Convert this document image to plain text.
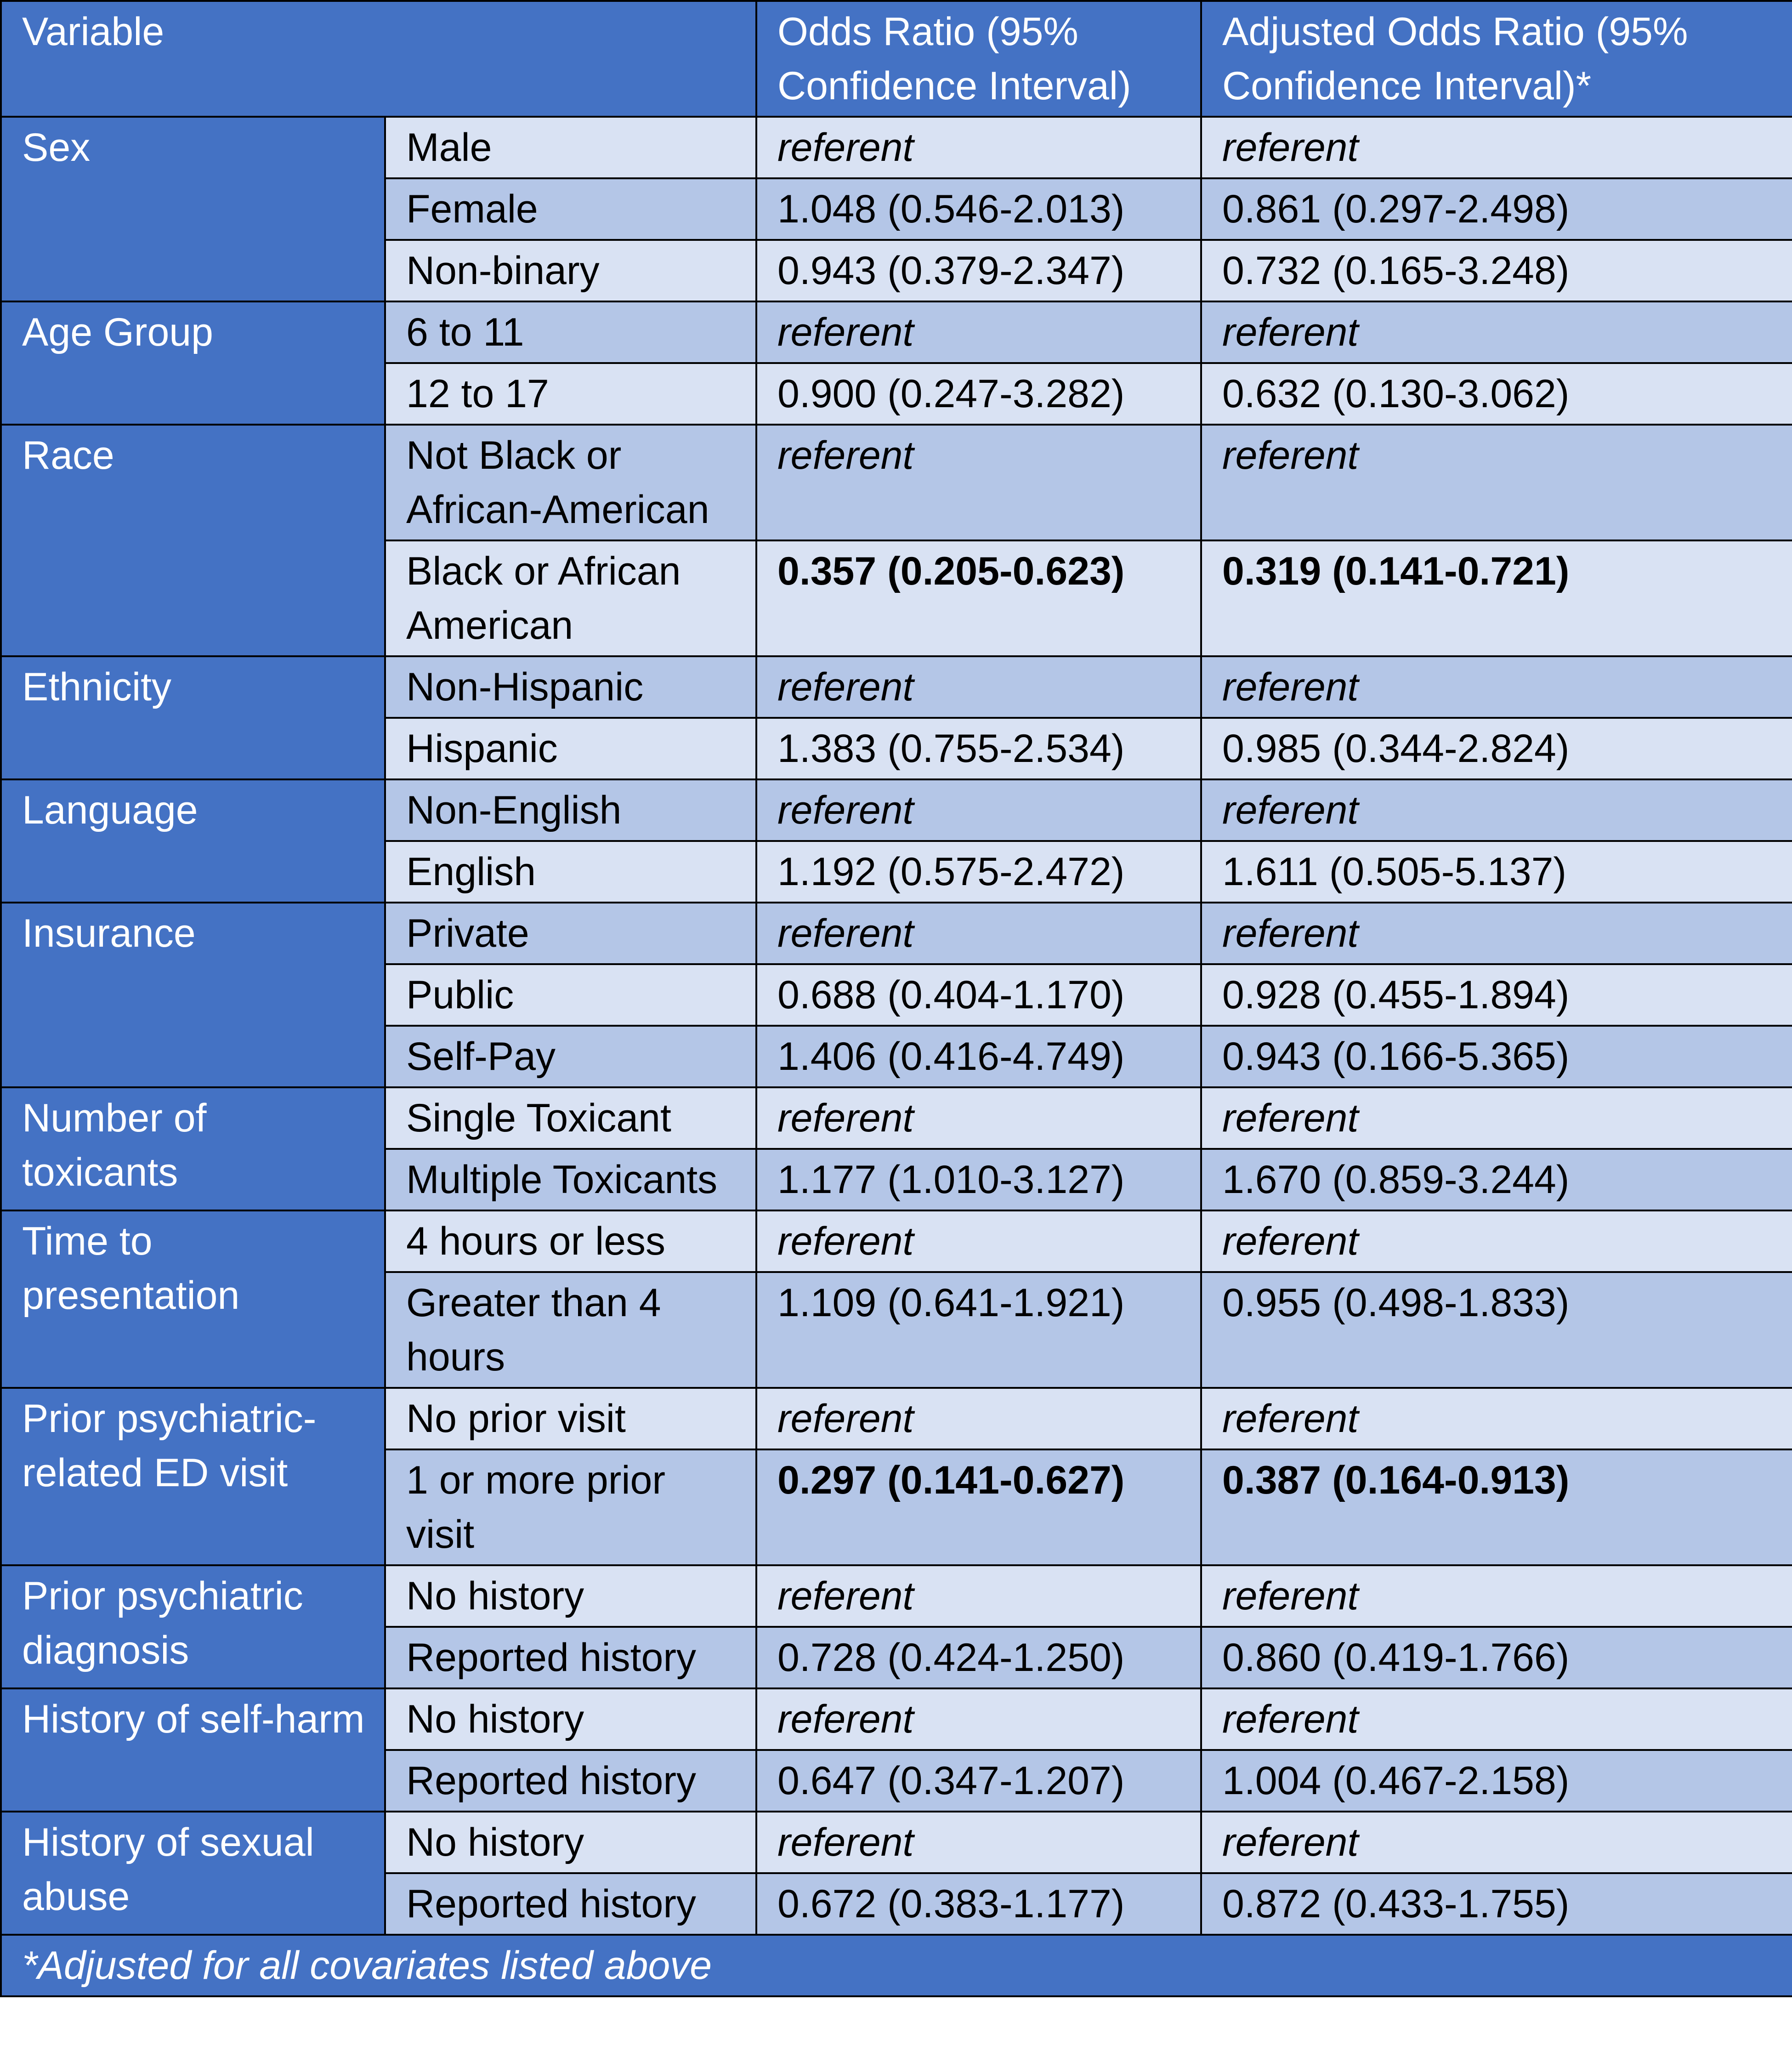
Variable		Odds Ratio (95% Confidence Interval)	Adjusted Odds Ratio (95% Confidence Interval)*
Sex	Male	referent	referent
	Female	1.048 (0.546-2.013)	0.861 (0.297-2.498)
	Non-binary	0.943 (0.379-2.347)	0.732 (0.165-3.248)
Age Group	6 to 11	referent	referent
	12 to 17	0.900 (0.247-3.282)	0.632 (0.130-3.062)
Race	Not Black or African-American	referent	referent
	Black or African American	0.357 (0.205-0.623)	0.319 (0.141-0.721)
Ethnicity	Non-Hispanic	referent	referent
	Hispanic	1.383 (0.755-2.534)	0.985 (0.344-2.824)
Language	Non-English	referent	referent
	English	1.192 (0.575-2.472)	1.611 (0.505-5.137)
Insurance	Private	referent	referent
	Public	0.688 (0.404-1.170)	0.928 (0.455-1.894)
	Self-Pay	1.406 (0.416-4.749)	0.943 (0.166-5.365)
Number of toxicants	Single Toxicant	referent	referent
	Multiple Toxicants	1.177 (1.010-3.127)	1.670 (0.859-3.244)
Time to presentation	4 hours or less	referent	referent
	Greater than 4 hours	1.109 (0.641-1.921)	0.955 (0.498-1.833)
Prior psychiatric-related ED visit	No prior visit	referent	referent
	1 or more prior visit	0.297 (0.141-0.627)	0.387 (0.164-0.913)
Prior psychiatric diagnosis	No history	referent	referent
	Reported history	0.728 (0.424-1.250)	0.860 (0.419-1.766)
History of self-harm	No history	referent	referent
	Reported history	0.647 (0.347-1.207)	1.004 (0.467-2.158)
History of sexual abuse	No history	referent	referent
	Reported history	0.672 (0.383-1.177)	0.872 (0.433-1.755)
*Adjusted for all covariates listed above			
